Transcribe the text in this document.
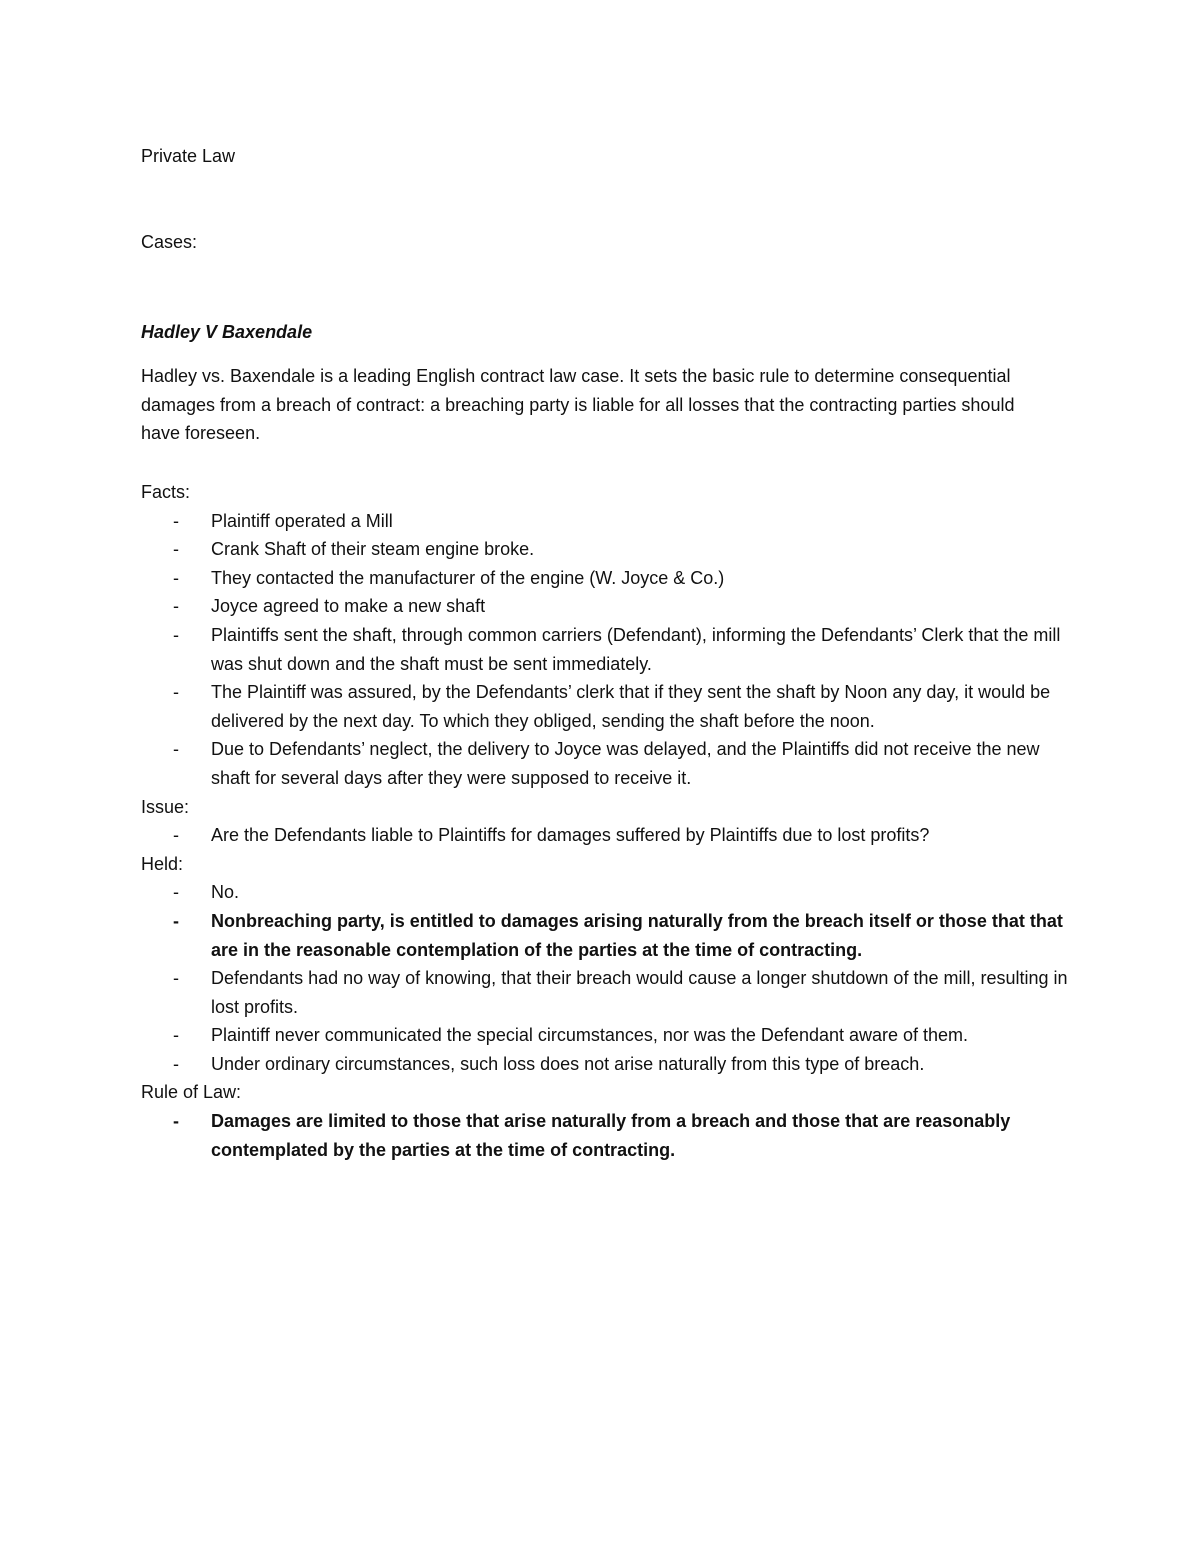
Private Law

Cases:

Hadley V Baxendale

Hadley vs. Baxendale is a leading English contract law case. It sets the basic rule to determine consequential damages from a breach of contract: a breaching party is liable for all losses that the contracting parties should have foreseen.

Facts:

- Plaintiff operated a Mill
- Crank Shaft of their steam engine broke.
- They contacted the manufacturer of the engine (W. Joyce & Co.)
- Joyce agreed to make a new shaft
- Plaintiffs sent the shaft, through common carriers (Defendant), informing the Defendants’ Clerk that the mill was shut down and the shaft must be sent immediately.
- The Plaintiff was assured, by the Defendants’ clerk that if they sent the shaft by Noon any day, it would be delivered by the next day. To which they obliged, sending the shaft before the noon.
- Due to Defendants’ neglect, the delivery to Joyce was delayed, and the Plaintiffs did not receive the new shaft for several days after they were supposed to receive it.

Issue:

- Are the Defendants liable to Plaintiffs for damages suffered by Plaintiffs due to lost profits?

Held:

- No.
- Nonbreaching party, is entitled to damages arising naturally from the breach itself or those that that are in the reasonable contemplation of the parties at the time of contracting.
- Defendants had no way of knowing, that their breach would cause a longer shutdown of the mill, resulting in lost profits.
- Plaintiff never communicated the special circumstances, nor was the Defendant aware of them.
- Under ordinary circumstances, such loss does not arise naturally from this type of breach.

Rule of Law:

- Damages are limited to those that arise naturally from a breach and those that are reasonably contemplated by the parties at the time of contracting.
